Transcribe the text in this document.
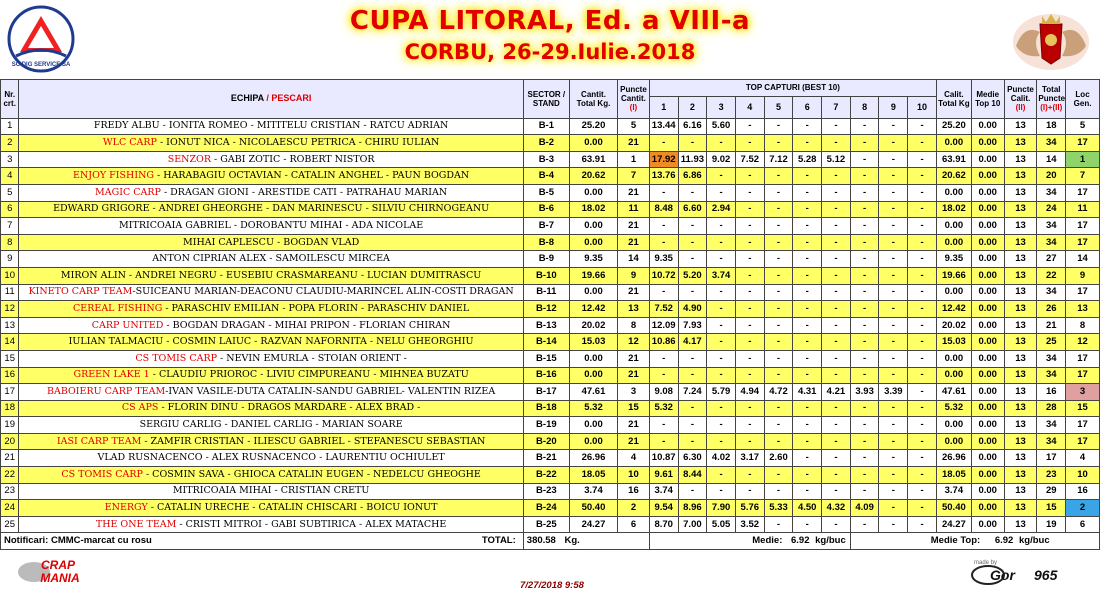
SC DIG SERVICE SA
CUPA LITORAL, Ed. a VIII-a
CORBU, 26-29.Iulie.2018
Nr. crt.	ECHIPA / PESCARI	SECTOR / STAND	Cantit. Total Kg.	Puncte Cantit.
(I)	TOP CAPTURI (BEST 10)										Calit. Total Kg	Medie Top 10	Puncte Calit.
(II)	Total Puncte
(I)+(II)	Loc Gen.
					1	2	3	4	5	6	7	8	9	10					
1	FREDY ALBU - IONITA ROMEO - MITITELU CRISTIAN - RATCU ADRIAN	B-1	25.20	5	13.44	6.16	5.60	-	-	-	-	-	-	-	25.20	0.00	13	18	5
2	WLC CARP - IONUT NICA - NICOLAESCU PETRICA - CHIRU IULIAN	B-2	0.00	21	-	-	-	-	-	-	-	-	-	-	0.00	0.00	13	34	17
3	SENZOR - GABI ZOTIC - ROBERT NISTOR	B-3	63.91	1	17.92	11.93	9.02	7.52	7.12	5.28	5.12	-	-	-	63.91	0.00	13	14	1
4	ENJOY FISHING - HARABAGIU OCTAVIAN - CATALIN ANGHEL - PAUN BOGDAN	B-4	20.62	7	13.76	6.86	-	-	-	-	-	-	-	-	20.62	0.00	13	20	7
5	MAGIC CARP - DRAGAN GIONI - ARESTIDE CATI - PATRAHAU MARIAN	B-5	0.00	21	-	-	-	-	-	-	-	-	-	-	0.00	0.00	13	34	17
6	EDWARD GRIGORE - ANDREI GHEORGHE - DAN MARINESCU - SILVIU CHIRNOGEANU	B-6	18.02	11	8.48	6.60	2.94	-	-	-	-	-	-	-	18.02	0.00	13	24	11
7	MITRICOAIA GABRIEL - DOROBANTU MIHAI - ADA NICOLAE	B-7	0.00	21	-	-	-	-	-	-	-	-	-	-	0.00	0.00	13	34	17
8	MIHAI CAPLESCU - BOGDAN VLAD	B-8	0.00	21	-	-	-	-	-	-	-	-	-	-	0.00	0.00	13	34	17
9	ANTON CIPRIAN ALEX - SAMOILESCU MIRCEA	B-9	9.35	14	9.35	-	-	-	-	-	-	-	-	-	9.35	0.00	13	27	14
10	MIRON ALIN - ANDREI NEGRU - EUSEBIU CRASMAREANU - LUCIAN DUMITRASCU	B-10	19.66	9	10.72	5.20	3.74	-	-	-	-	-	-	-	19.66	0.00	13	22	9
11	KINETO CARP TEAM-SUICEANU MARIAN-DEACONU CLAUDIU-MARINCEL ALIN-COSTI DRAGAN	B-11	0.00	21	-	-	-	-	-	-	-	-	-	-	0.00	0.00	13	34	17
12	CEREAL FISHING - PARASCHIV EMILIAN - POPA FLORIN - PARASCHIV DANIEL	B-12	12.42	13	7.52	4.90	-	-	-	-	-	-	-	-	12.42	0.00	13	26	13
13	CARP UNITED - BOGDAN DRAGAN - MIHAI PRIPON - FLORIAN CHIRAN	B-13	20.02	8	12.09	7.93	-	-	-	-	-	-	-	-	20.02	0.00	13	21	8
14	IULIAN TALMACIU - COSMIN LAIUC - RAZVAN NAFORNITA - NELU GHEORGHIU	B-14	15.03	12	10.86	4.17	-	-	-	-	-	-	-	-	15.03	0.00	13	25	12
15	CS TOMIS CARP - NEVIN EMURLA - STOIAN ORIENT -	B-15	0.00	21	-	-	-	-	-	-	-	-	-	-	0.00	0.00	13	34	17
16	GREEN LAKE 1 - CLAUDIU PRIOROC - LIVIU CIMPUREANU - MIHNEA BUZATU	B-16	0.00	21	-	-	-	-	-	-	-	-	-	-	0.00	0.00	13	34	17
17	BABOIERU CARP TEAM-IVAN VASILE-DUTA CATALIN-SANDU GABRIEL- VALENTIN RIZEA	B-17	47.61	3	9.08	7.24	5.79	4.94	4.72	4.31	4.21	3.93	3.39	-	47.61	0.00	13	16	3
18	CS APS - FLORIN DINU - DRAGOS MARDARE - ALEX BRAD -	B-18	5.32	15	5.32	-	-	-	-	-	-	-	-	-	5.32	0.00	13	28	15
19	SERGIU CARLIG - DANIEL CARLIG - MARIAN SOARE	B-19	0.00	21	-	-	-	-	-	-	-	-	-	-	0.00	0.00	13	34	17
20	IASI CARP TEAM - ZAMFIR CRISTIAN - ILIESCU GABRIEL - STEFANESCU SEBASTIAN	B-20	0.00	21	-	-	-	-	-	-	-	-	-	-	0.00	0.00	13	34	17
21	VLAD RUSNACENCO - ALEX RUSNACENCO - LAURENTIU OCHIULET	B-21	26.96	4	10.87	6.30	4.02	3.17	2.60	-	-	-	-	-	26.96	0.00	13	17	4
22	CS TOMIS CARP - COSMIN SAVA - GHIOCA CATALIN EUGEN - NEDELCU GHEOGHE	B-22	18.05	10	9.61	8.44	-	-	-	-	-	-	-	-	18.05	0.00	13	23	10
23	MITRICOAIA MIHAI - CRISTIAN CRETU	B-23	3.74	16	3.74	-	-	-	-	-	-	-	-	-	3.74	0.00	13	29	16
24	ENERGY - CATALIN URECHE - CATALIN CHISCARI - BOICU IONUT	B-24	50.40	2	9.54	8.96	7.90	5.76	5.33	4.50	4.32	4.09	-	-	50.40	0.00	13	15	2
25	THE ONE TEAM - CRISTI MITROI - GABI SUBTIRICA - ALEX MATACHE	B-25	24.27	6	8.70	7.00	5.05	3.52	-	-	-	-	-	-	24.27	0.00	13	19	6

Notificari: CMMC-marcat cu rosu TOTAL:		380.58 Kg.			Medie: 6.92 kg/buc							Medie Top: 6.92 kg/buc							
CRAP
MANIA
7/27/2018 9:58
made by
Gor 965
